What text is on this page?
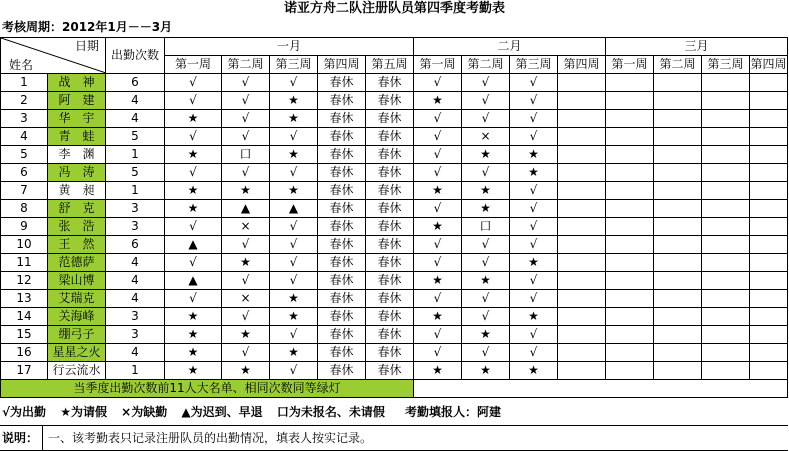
诺亚方舟二队注册队员第四季度考勤表
考核周期：2012年1月－－3月
日期
姓名		出勤次数	一月					二月				三月			
			第一周	第二周	第三周	第四周	第五周	第一周	第二周	第三周	第四周	第一周	第二周	第三周	第四周
1	战　神	6	√	√	√	春休	春休	√	√	√					
2	阿　建	4	√	√	★	春休	春休	★	√	√					
3	华　宇	4	★	√	★	春休	春休	√	√	√					
4	青　蛙	5	√	√	√	春休	春休	√	×	√					
5	李　渊	1	★	口	★	春休	春休	√	★	★					
6	冯　涛	5	√	√	√	春休	春休	√	√	★					
7	黄　昶	1	★	★	★	春休	春休	★	★	√					
8	舒　克	3	★	▲	▲	春休	春休	√	★	√					
9	张　浩	3	√	×	√	春休	春休	★	口	√					
10	王　然	6	▲	√	√	春休	春休	√	√	√					
11	范德萨	4	√	★	√	春休	春休	√	√	★					
12	梁山博	4	▲	√	√	春休	春休	★	★	√					
13	艾瑞克	4	√	×	★	春休	春休	√	√	√					
14	关海峰	3	★	√	★	春休	春休	★	√	★					
15	绷弓子	3	★	★	√	春休	春休	√	★	√					
16	星星之火	4	★	√	★	春休	春休	√	√	√					
17	行云流水	1	★	★	√	春休	春休	★	★	★					
当季度出勤次数前11人大名单、相同次数同等绿灯															
√为出勤 ★为请假 ×为缺勤 ▲为迟到、早退 口为未报名、未请假 考勤填报人：阿建
说明： 一、该考勤表只记录注册队员的出勤情况，填表人按实记录。
